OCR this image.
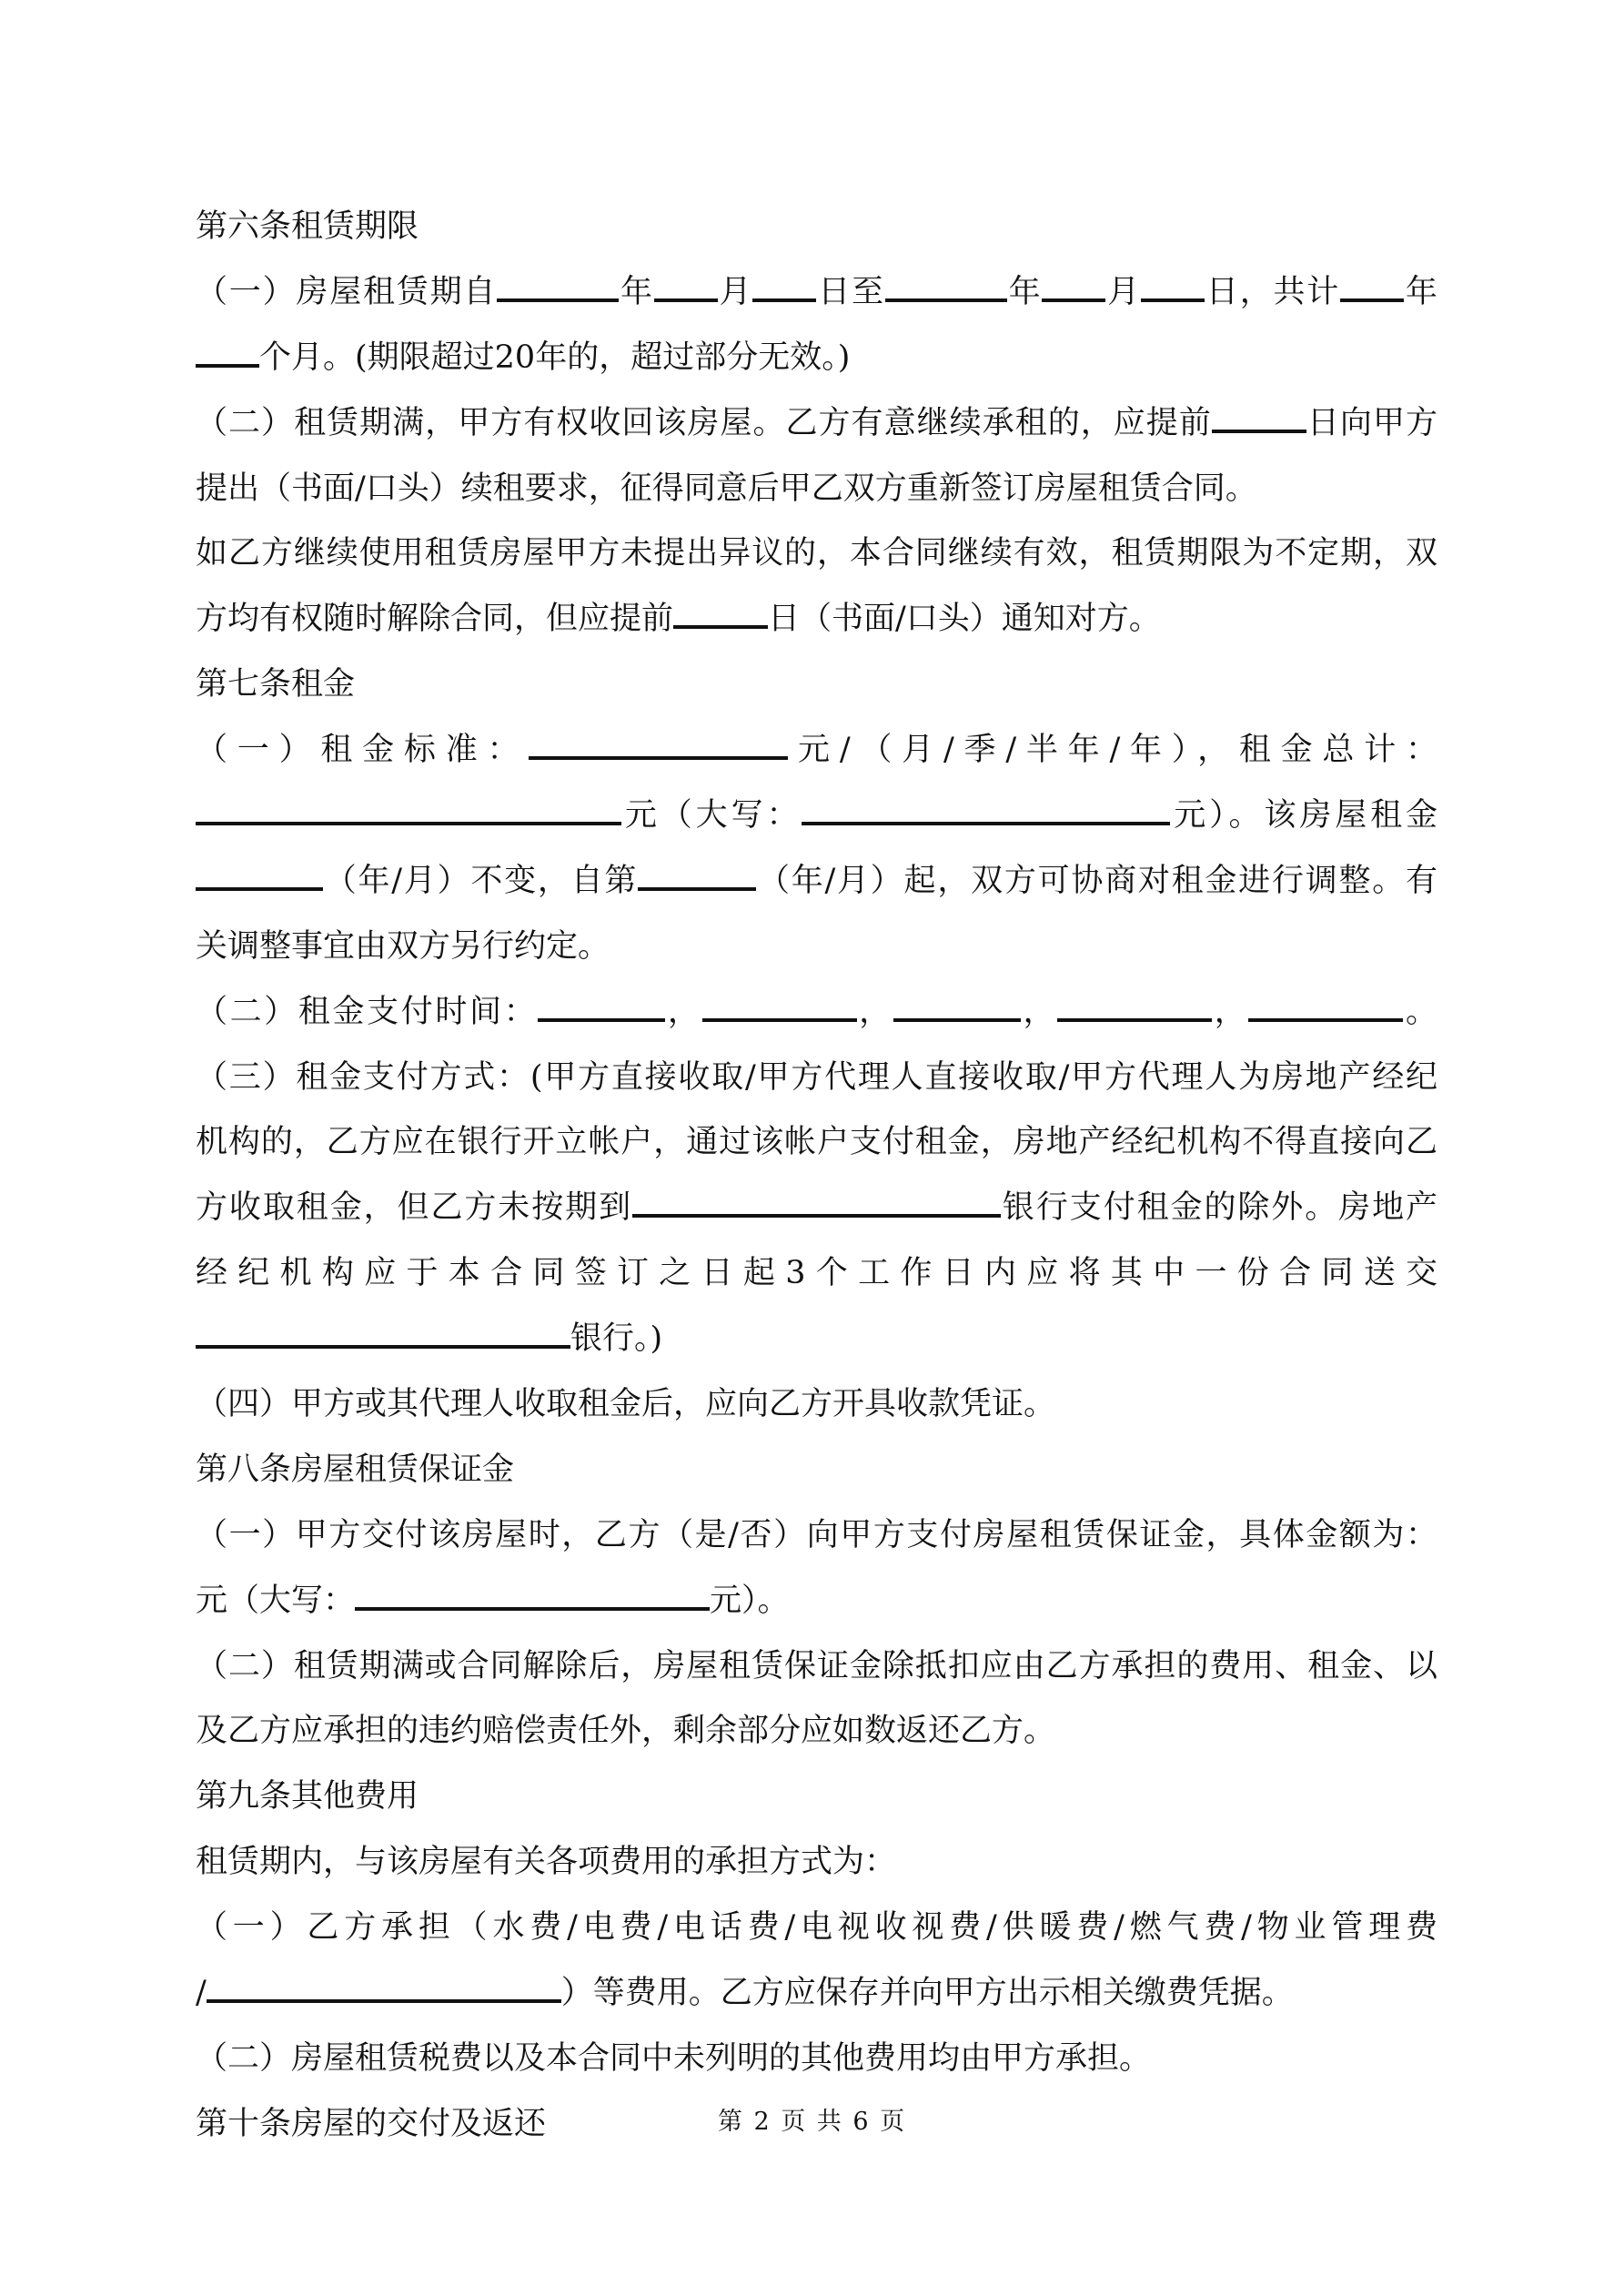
第六条租赁期限

（一）房屋租赁期自	年 月 日至	年 月 日，共计 年

个月。(期限超过20年的，超过部分无效。)

（二）租赁期满，甲方有权收回该房屋。乙方有意继续承租的，应提前	日向甲方

提出（书面/口头）续租要求，征得同意后甲乙双方重新签订房屋租赁合同。

如乙方继续使用租赁房屋甲方未提出异议的，本合同继续有效，租赁期限为不定期，双

方均有权随时解除合同，但应提前	日（书面/口头）通知对方。

第七条租金

（一）租金标准：	元/（月/季/半年/年），租金总计：

元（大写：	元）。该房屋租金

（年/月）不变，自第	（年/月）起，双方可协商对租金进行调整。有

关调整事宜由双方另行约定。

（二）租金支付时间：	，	，	，	，	。

（三）租金支付方式：(甲方直接收取/甲方代理人直接收取/甲方代理人为房地产经纪

机构的，乙方应在银行开立帐户，通过该帐户支付租金，房地产经纪机构不得直接向乙

方收取租金，但乙方未按期到	银行支付租金的除外。房地产

经纪机构应于本合同签订之日起3个工作日内应将其中一份合同送交

银行。)

（四）甲方或其代理人收取租金后，应向乙方开具收款凭证。

第八条房屋租赁保证金

（一）甲方交付该房屋时，乙方（是/否）向甲方支付房屋租赁保证金，具体金额为：

元（大写：	元）。

（二）租赁期满或合同解除后，房屋租赁保证金除抵扣应由乙方承担的费用、租金、以

及乙方应承担的违约赔偿责任外，剩余部分应如数返还乙方。

第九条其他费用

租赁期内，与该房屋有关各项费用的承担方式为：

（一）乙方承担（水费/电费/电话费/电视收视费/供暖费/燃气费/物业管理费

/	）等费用。乙方应保存并向甲方出示相关缴费凭据。

（二）房屋租赁税费以及本合同中未列明的其他费用均由甲方承担。

第十条房屋的交付及返还	第 2 页 共 6 页
